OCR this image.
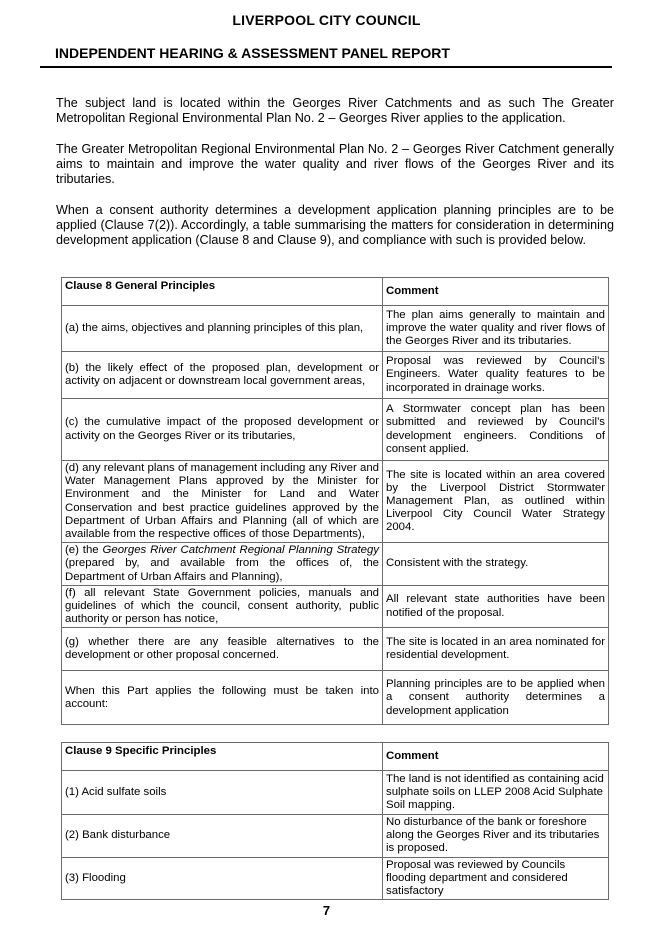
LIVERPOOL CITY COUNCIL
INDEPENDENT HEARING & ASSESSMENT PANEL REPORT

The subject land is located within the Georges River Catchments and as such The Greater Metropolitan Regional Environmental Plan No. 2 – Georges River applies to the application.

The Greater Metropolitan Regional Environmental Plan No. 2 – Georges River Catchment generally aims to maintain and improve the water quality and river flows of the Georges River and its tributaries.

When a consent authority determines a development application planning principles are to be applied (Clause 7(2)). Accordingly, a table summarising the matters for consideration in determining development application (Clause 8 and Clause 9), and compliance with such is provided below.

Clause 8 General Principles	Comment
(a) the aims, objectives and planning principles of this plan,	The plan aims generally to maintain and improve the water quality and river flows of the Georges River and its tributaries.
(b) the likely effect of the proposed plan, development or activity on adjacent or downstream local government areas,	Proposal was reviewed by Council’s Engineers. Water quality features to be incorporated in drainage works.
(c) the cumulative impact of the proposed development or activity on the Georges River or its tributaries,	A Stormwater concept plan has been submitted and reviewed by Council’s development engineers. Conditions of consent applied.
(d) any relevant plans of management including any River and Water Management Plans approved by the Minister for Environment and the Minister for Land and Water Conservation and best practice guidelines approved by the Department of Urban Affairs and Planning (all of which are available from the respective offices of those Departments),	The site is located within an area covered by the Liverpool District Stormwater Management Plan, as outlined within Liverpool City Council Water Strategy 2004.
(e) the Georges River Catchment Regional Planning Strategy (prepared by, and available from the offices of, the Department of Urban Affairs and Planning),	Consistent with the strategy.
(f) all relevant State Government policies, manuals and guidelines of which the council, consent authority, public authority or person has notice,	All relevant state authorities have been notified of the proposal.
(g) whether there are any feasible alternatives to the development or other proposal concerned.	The site is located in an area nominated for residential development.
When this Part applies the following must be taken into account:	Planning principles are to be applied when a consent authority determines a development application
Clause 9 Specific Principles	Comment
(1) Acid sulfate soils	The land is not identified as containing acid sulphate soils on LLEP 2008 Acid Sulphate Soil mapping.
(2) Bank disturbance	No disturbance of the bank or foreshore along the Georges River and its tributaries is proposed.
(3) Flooding	Proposal was reviewed by Councils flooding department and considered satisfactory
7
